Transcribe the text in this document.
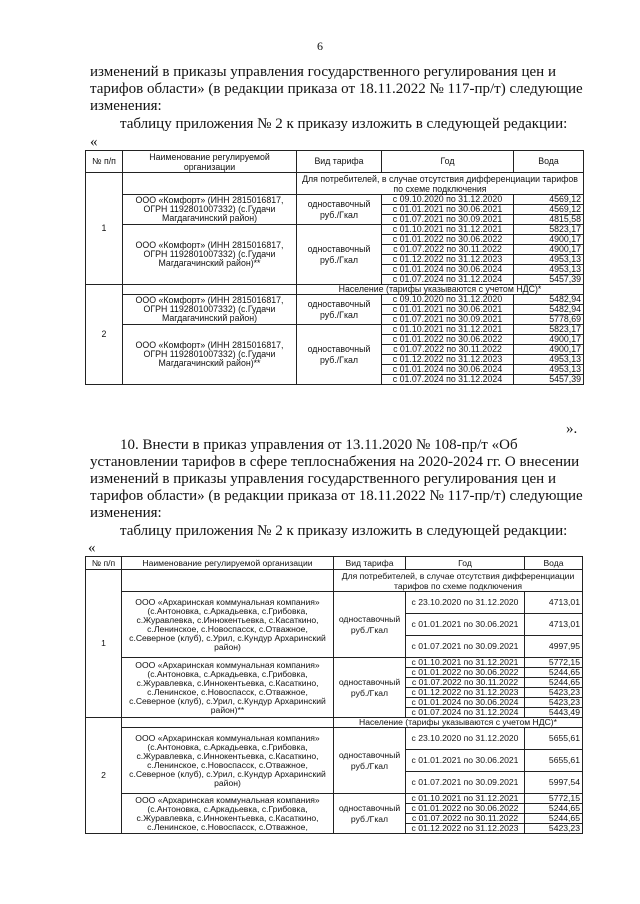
6
изменений в приказы управления государственного регулирования цен и
тарифов области» (в редакции приказа от 18.11.2022 № 117-пр/т) следующие
изменения:
таблицу приложения № 2 к приказу изложить в следующей редакции:
«
№ п/п	Наименование регулируемой организации	Вид тарифа	Год	Вода
1		Для потребителей, в случае отсутствия дифференциации тарифов по схеме подключения		
	ООО «Комфорт» (ИНН 2815016817, ОГРН 1192801007332) (с.Гудачи Магдагачинский район)	одноставочный руб./Гкал	с 09.10.2020 по 31.12.2020	4569,12
			с 01.01.2021 по 30.06.2021	4569,12
			с 01.07.2021 по 30.09.2021	4815,58
	ООО «Комфорт» (ИНН 2815016817, ОГРН 1192801007332) (с.Гудачи Магдагачинский район)**	одноставочный руб./Гкал	с 01.10.2021 по 31.12.2021	5823,17
			с 01.01.2022 по 30.06.2022	4900,17
			с 01.07.2022 по 30.11.2022	4900,17
			с 01.12.2022 по 31.12.2023	4953,13
			с 01.01.2024 по 30.06.2024	4953,13
			с 01.07.2024 по 31.12.2024	5457,39
2		Население (тарифы указываются с учетом НДС)*		
	ООО «Комфорт» (ИНН 2815016817, ОГРН 1192801007332) (с.Гудачи Магдагачинский район)	одноставочный руб./Гкал	с 09.10.2020 по 31.12.2020	5482,94
			с 01.01.2021 по 30.06.2021	5482,94
			с 01.07.2021 по 30.09.2021	5778,69
	ООО «Комфорт» (ИНН 2815016817, ОГРН 1192801007332) (с.Гудачи Магдагачинский район)**	одноставочный руб./Гкал	с 01.10.2021 по 31.12.2021	5823,17
			с 01.01.2022 по 30.06.2022	4900,17
			с 01.07.2022 по 30.11.2022	4900,17
			с 01.12.2022 по 31.12.2023	4953,13
			с 01.01.2024 по 30.06.2024	4953,13
			с 01.07.2024 по 31.12.2024	5457,39
».
10. Внести в приказ управления от 13.11.2020 № 108-пр/т «Об
установлении тарифов в сфере теплоснабжения на 2020-2024 гг. О внесении
изменений в приказы управления государственного регулирования цен и
тарифов области» (в редакции приказа от 18.11.2022 № 117-пр/т) следующие
изменения:
таблицу приложения № 2 к приказу изложить в следующей редакции:
«
№ п/п	Наименование регулируемой организации	Вид тарифа	Год	Вода
1		Для потребителей, в случае отсутствия дифференциации тарифов по схеме подключения		
	ООО «Архаринская коммунальная компания» (с.Антоновка, с.Аркадьевка, с.Грибовка, с.Журавлевка, с.Иннокентьевка, с.Касаткино, с.Ленинское, с.Новоспасск, с.Отважное, с.Северное (клуб), с.Урил, с.Кундур Архаринский район)	одноставочный руб./Гкал	с 23.10.2020 по 31.12.2020	4713,01
			с 01.01.2021 по 30.06.2021	4713,01
			с 01.07.2021 по 30.09.2021	4997,95
	ООО «Архаринская коммунальная компания» (с.Антоновка, с.Аркадьевка, с.Грибовка, с.Журавлевка, с.Иннокентьевка, с.Касаткино, с.Ленинское, с.Новоспасск, с.Отважное, с.Северное (клуб), с.Урил, с.Кундур Архаринский район)**	одноставочный руб./Гкал	с 01.10.2021 по 31.12.2021	5772,15
			с 01.01.2022 по 30.06.2022	5244,65
			с 01.07.2022 по 30.11.2022	5244,65
			с 01.12.2022 по 31.12.2023	5423,23
			с 01.01.2024 по 30.06.2024	5423,23
			с 01.07.2024 по 31.12.2024	5443,49
2		Население (тарифы указываются с учетом НДС)*		
	ООО «Архаринская коммунальная компания» (с.Антоновка, с.Аркадьевка, с.Грибовка, с.Журавлевка, с.Иннокентьевка, с.Касаткино, с.Ленинское, с.Новоспасск, с.Отважное, с.Северное (клуб), с.Урил, с.Кундур Архаринский район)	одноставочный руб./Гкал	с 23.10.2020 по 31.12.2020	5655,61
			с 01.01.2021 по 30.06.2021	5655,61
			с 01.07.2021 по 30.09.2021	5997,54
	ООО «Архаринская коммунальная компания» (с.Антоновка, с.Аркадьевка, с.Грибовка, с.Журавлевка, с.Иннокентьевка, с.Касаткино, с.Ленинское, с.Новоспасск, с.Отважное,	одноставочный руб./Гкал	с 01.10.2021 по 31.12.2021	5772,15
			с 01.01.2022 по 30.06.2022	5244,65
			с 01.07.2022 по 30.11.2022	5244,65
			с 01.12.2022 по 31.12.2023	5423,23
